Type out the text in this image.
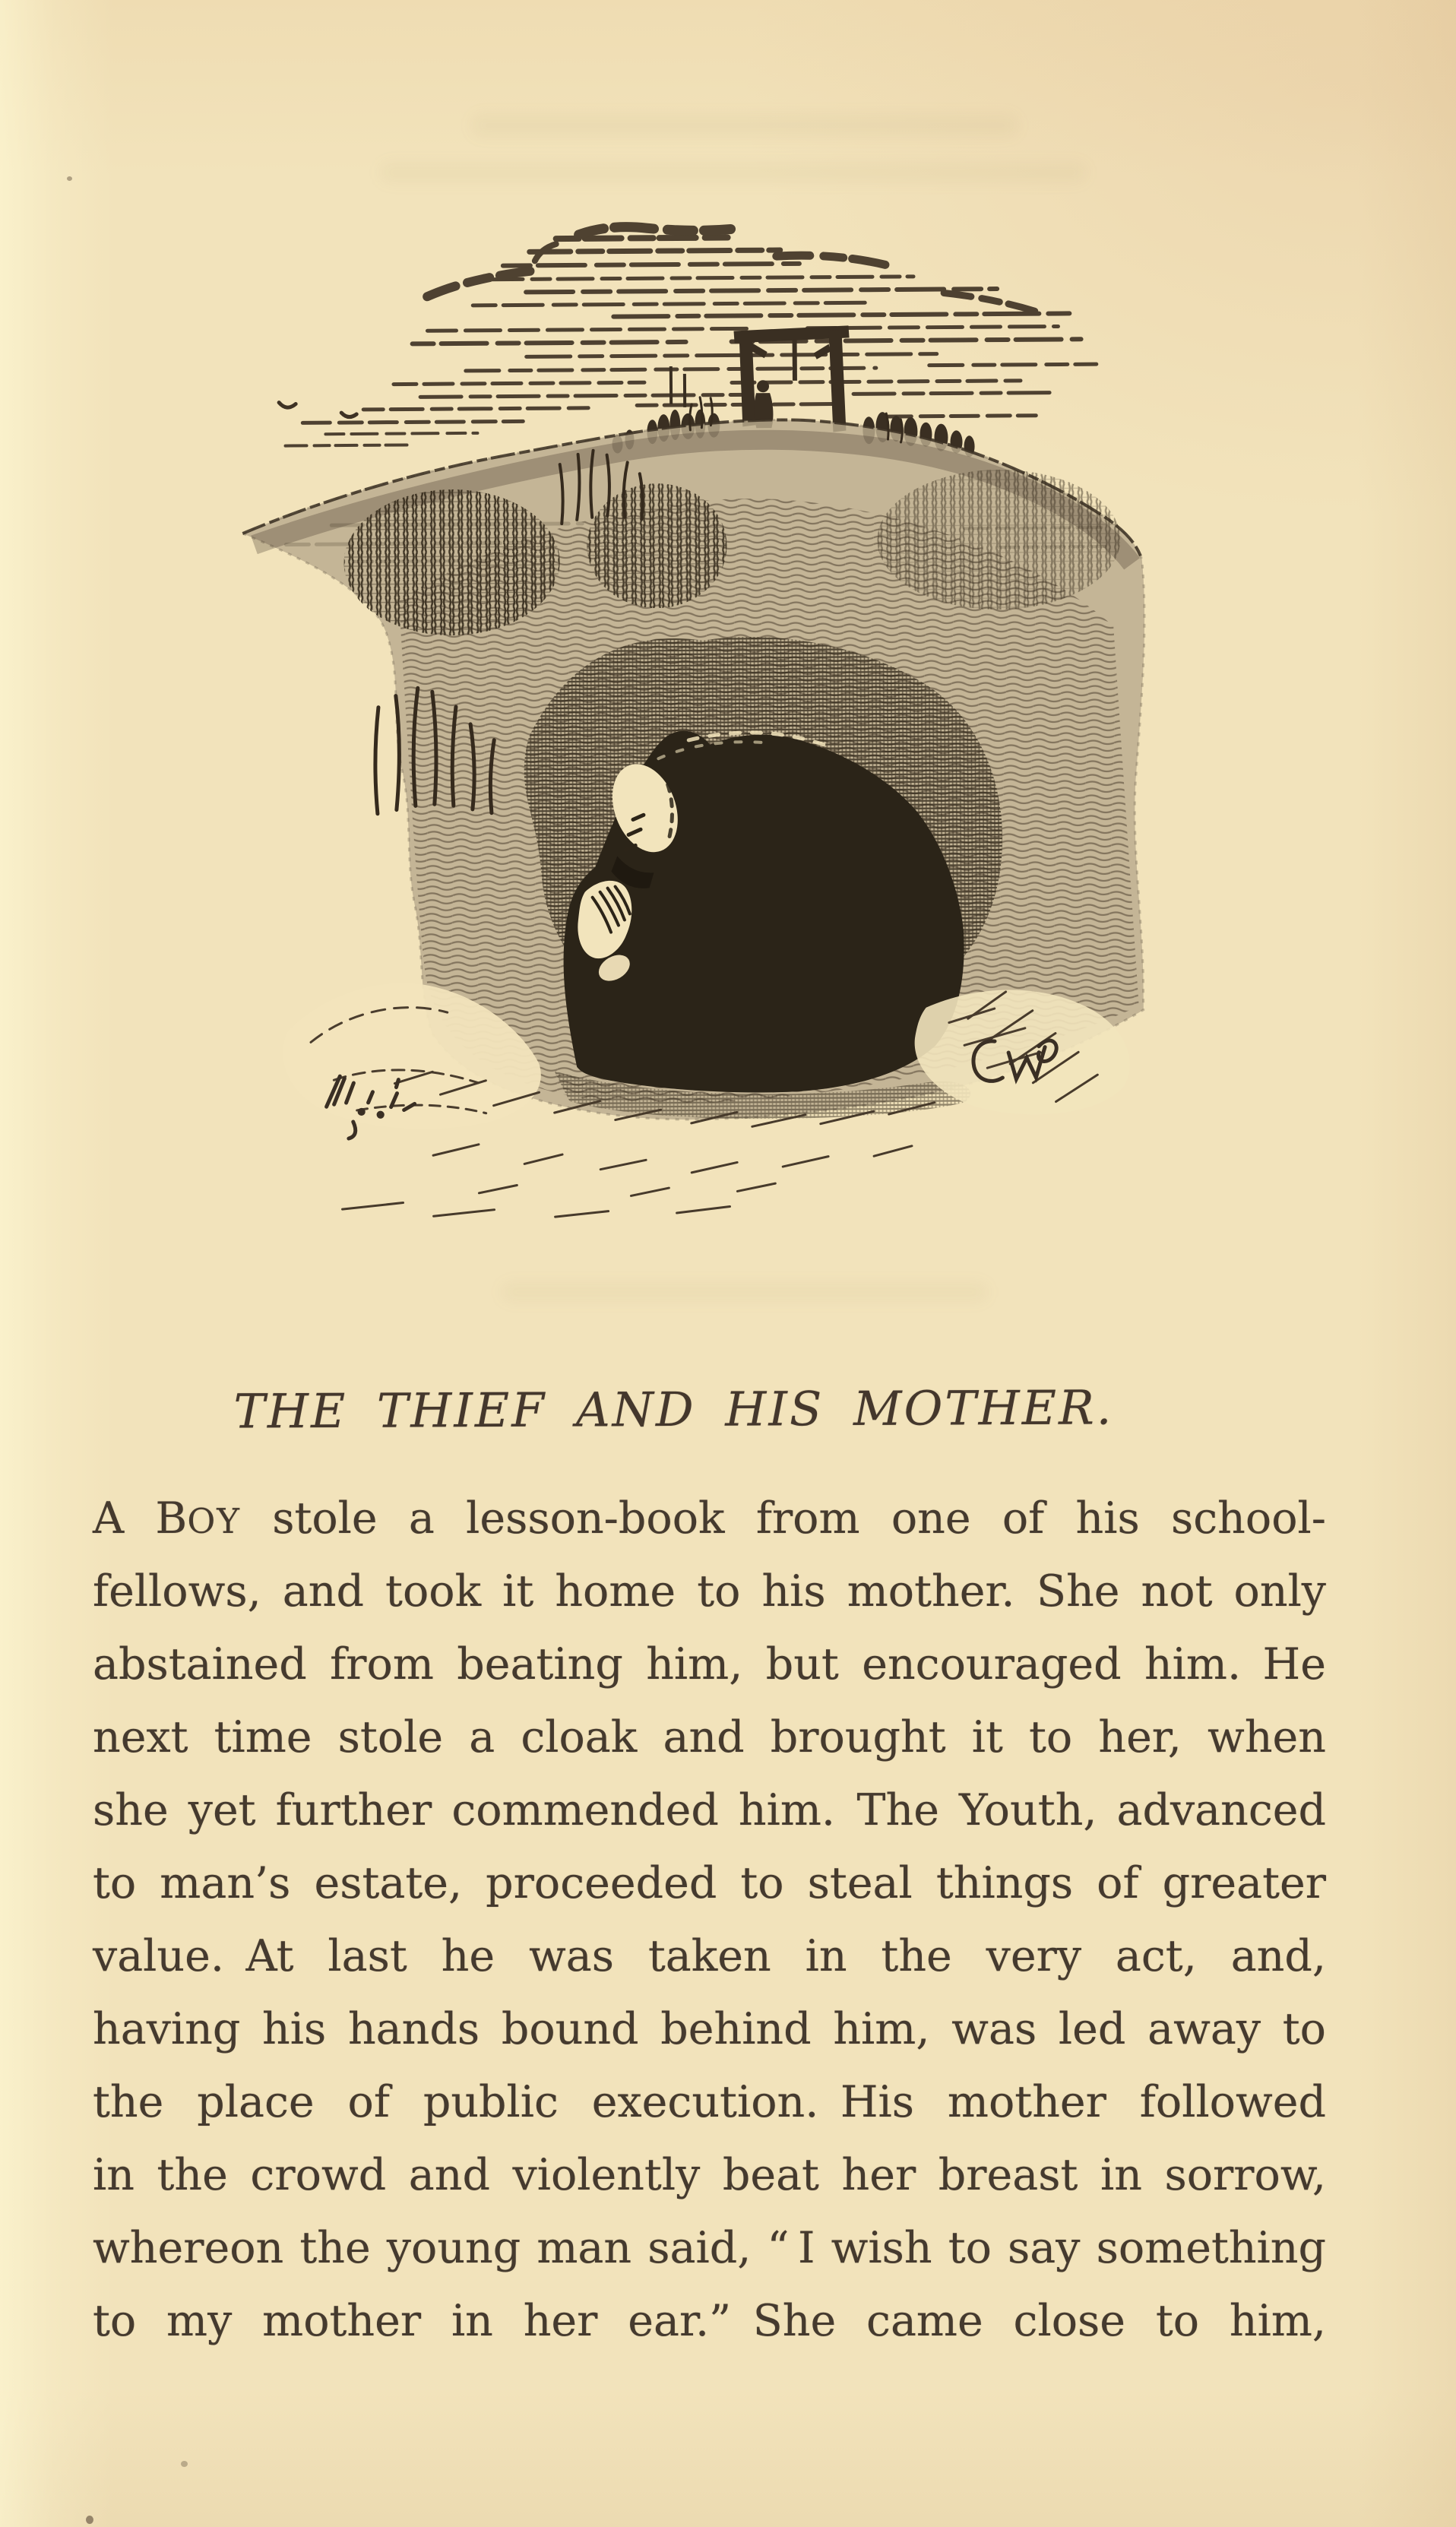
THE THIEF AND HIS MOTHER.
A BOY stole a lesson-book from one of his school-
fellows, and took it home to his mother. She not only
abstained from beating him, but encouraged him. He
next time stole a cloak and brought it to her, when
she yet further commended him. The Youth, advanced
to man’s estate, proceeded to steal things of greater
value. At last he was taken in the very act, and,
having his hands bound behind him, was led away to
the place of public execution. His mother followed
in the crowd and violently beat her breast in sorrow,
whereon the young man said, “ I wish to say something
to my mother in her ear.” She came close to him,
